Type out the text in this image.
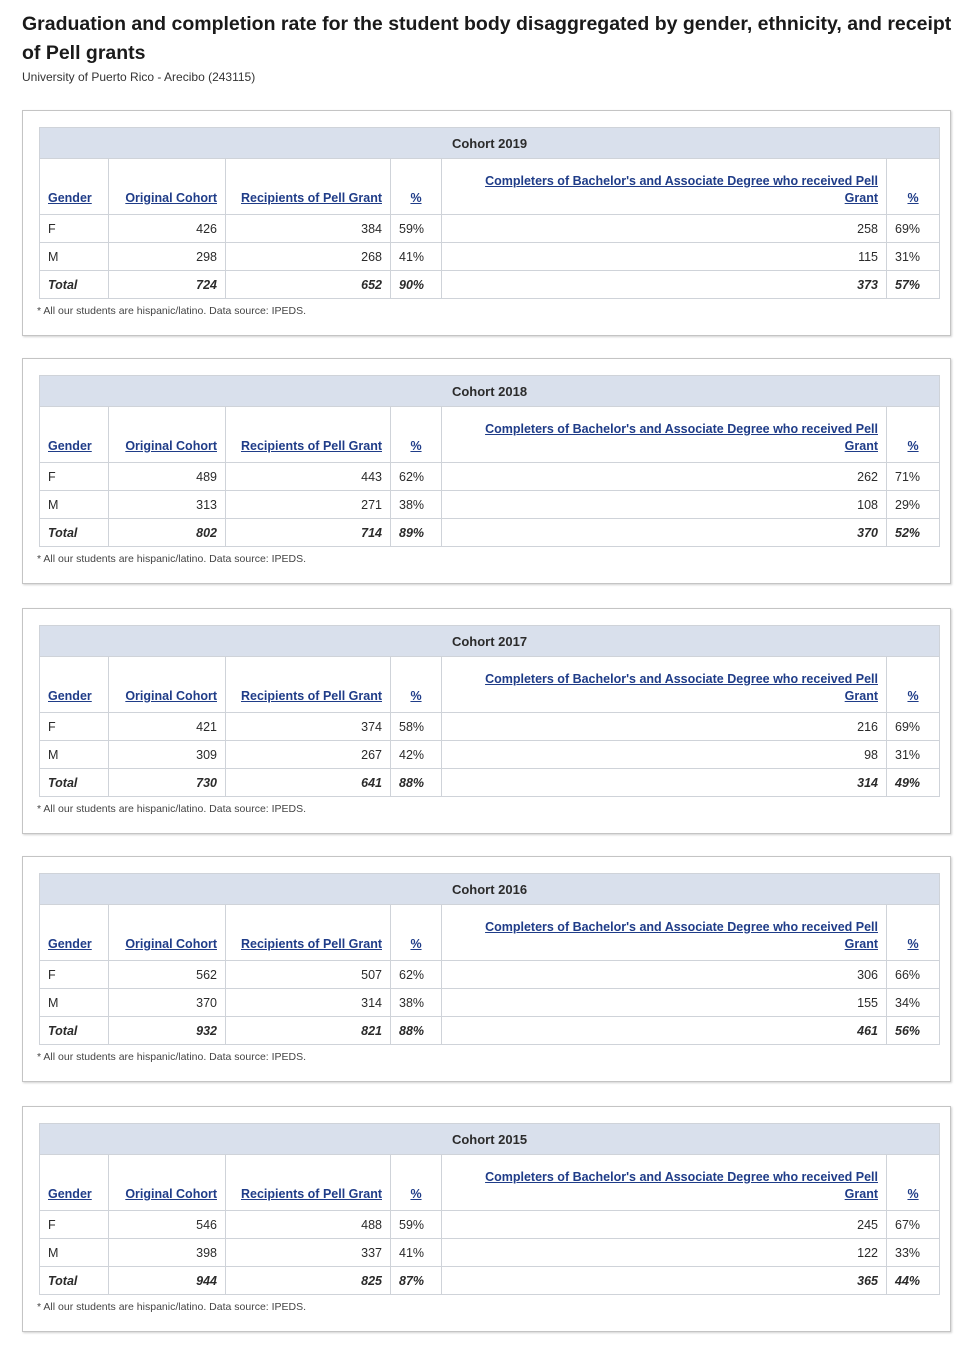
Graduation and completion rate for the student body disaggregated by gender, ethnicity, and receipt of Pell grants
University of Puerto Rico - Arecibo (243115)
Cohort 2019					
Gender	Original Cohort	Recipients of Pell Grant	%	Completers of Bachelor's and Associate Degree who received Pell Grant	%
F	426	384	59%	258	69%
M	298	268	41%	115	31%
Total	724	652	90%	373	57%
* All our students are hispanic/latino. Data source: IPEDS.
Cohort 2018					
Gender	Original Cohort	Recipients of Pell Grant	%	Completers of Bachelor's and Associate Degree who received Pell Grant	%
F	489	443	62%	262	71%
M	313	271	38%	108	29%
Total	802	714	89%	370	52%
* All our students are hispanic/latino. Data source: IPEDS.
Cohort 2017					
Gender	Original Cohort	Recipients of Pell Grant	%	Completers of Bachelor's and Associate Degree who received Pell Grant	%
F	421	374	58%	216	69%
M	309	267	42%	98	31%
Total	730	641	88%	314	49%
* All our students are hispanic/latino. Data source: IPEDS.
Cohort 2016					
Gender	Original Cohort	Recipients of Pell Grant	%	Completers of Bachelor's and Associate Degree who received Pell Grant	%
F	562	507	62%	306	66%
M	370	314	38%	155	34%
Total	932	821	88%	461	56%
* All our students are hispanic/latino. Data source: IPEDS.
Cohort 2015					
Gender	Original Cohort	Recipients of Pell Grant	%	Completers of Bachelor's and Associate Degree who received Pell Grant	%
F	546	488	59%	245	67%
M	398	337	41%	122	33%
Total	944	825	87%	365	44%
* All our students are hispanic/latino. Data source: IPEDS.
